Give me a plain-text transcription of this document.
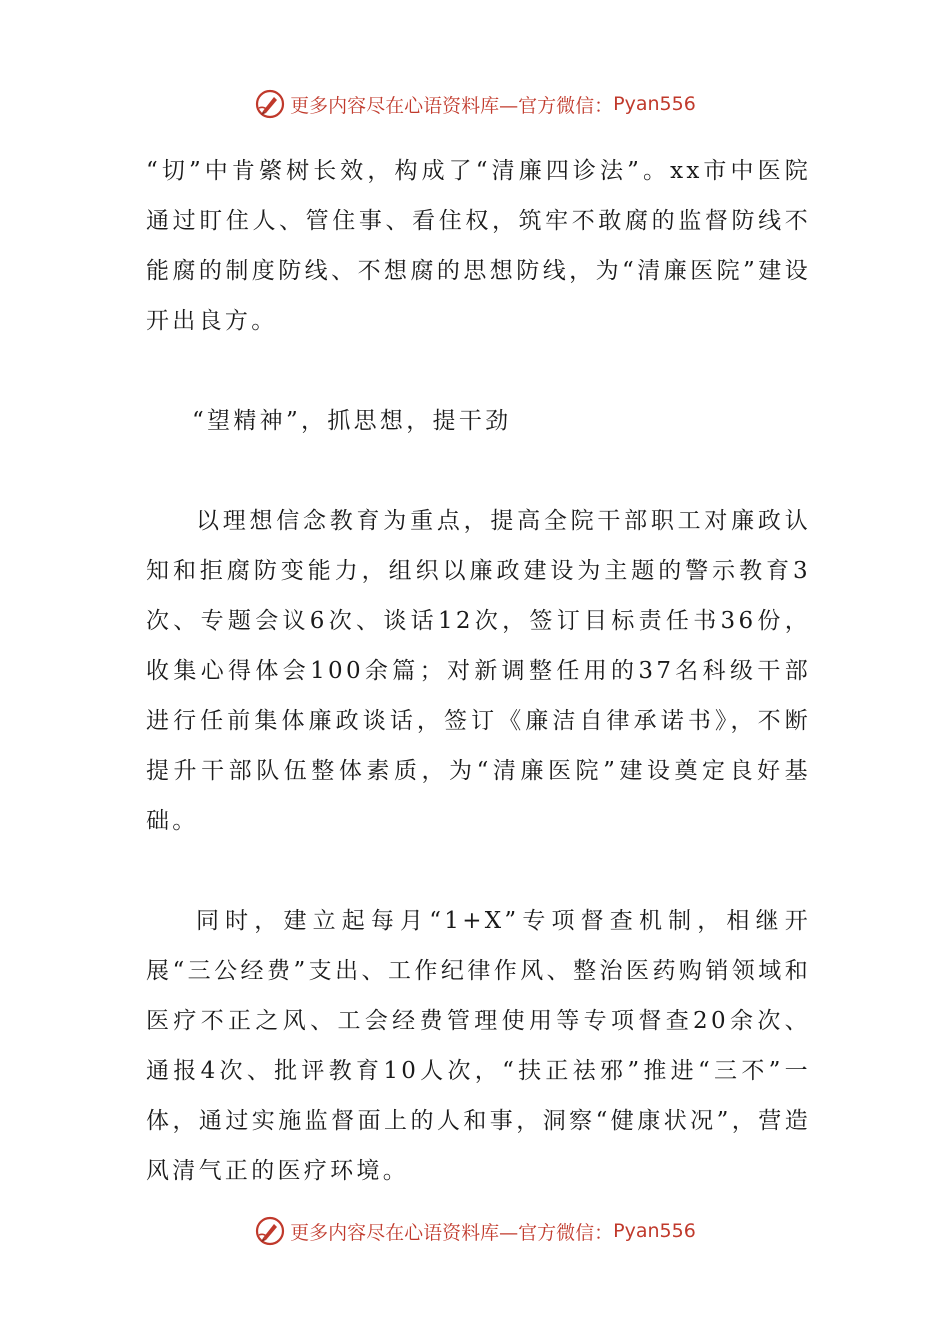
更多内容尽在心语资料库—官方微信： Pyan556

“切”中肯綮树长效，构成了“清廉四诊法”。xx市中医院通过盯住人、管住事、看住权，筑牢不敢腐的监督防线不能腐的制度防线、不想腐的思想防线，为“清廉医院”建设开出良方。

“望精神”，抓思想，提干劲

以理想信念教育为重点，提高全院干部职工对廉政认知和拒腐防变能力，组织以廉政建设为主题的警示教育3次、专题会议6次、谈话12次，签订目标责任书36份，收集心得体会100余篇；对新调整任用的37名科级干部进行任前集体廉政谈话，签订《廉洁自律承诺书》，不断提升干部队伍整体素质，为“清廉医院”建设奠定良好基础。

同时，建立起每月“1+X”专项督查机制，相继开展“三公经费”支出、工作纪律作风、整治医药购销领域和医疗不正之风、工会经费管理使用等专项督查20余次、通报4次、批评教育10人次，“扶正祛邪”推进“三不”一体，通过实施监督面上的人和事，洞察“健康状况”，营造风清气正的医疗环境。

更多内容尽在心语资料库—官方微信： Pyan556
